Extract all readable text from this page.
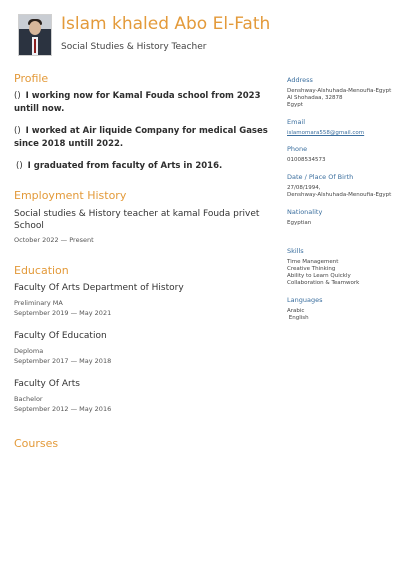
Islam khaled Abo El-Fath
Social Studies & History Teacher
Profile
() I working now for Kamal Fouda school from 2023 untill now.
() I worked at Air liquide Company for medical Gases since 2018 untill 2022.
() I graduated from faculty of Arts in 2016.
Employment History
Social studies & History teacher at kamal Fouda privet School
October 2022 — Present
Education
Faculty Of Arts Department of History
Preliminary MA
September 2019 — May 2021
Faculty Of Education
Deploma
September 2017 — May 2018
Faculty Of Arts
Bachelor
September 2012 — May 2016
Courses
Address
Denshway-Alshuhada-Menoufia-Egypt
Al Shohadaa, 32878
Egypt
Email
islamomara558@gmail.com
Phone
01008534573
Date / Place Of Birth
27/08/1994,
Denshway-Alshuhada-Menoufia-Egypt
Nationality
Egyptian
Skills
Time Management
Creative Thinking
Ability to Learn Quickly
Collaboration & Teamwork
Languages
Arabic
English
